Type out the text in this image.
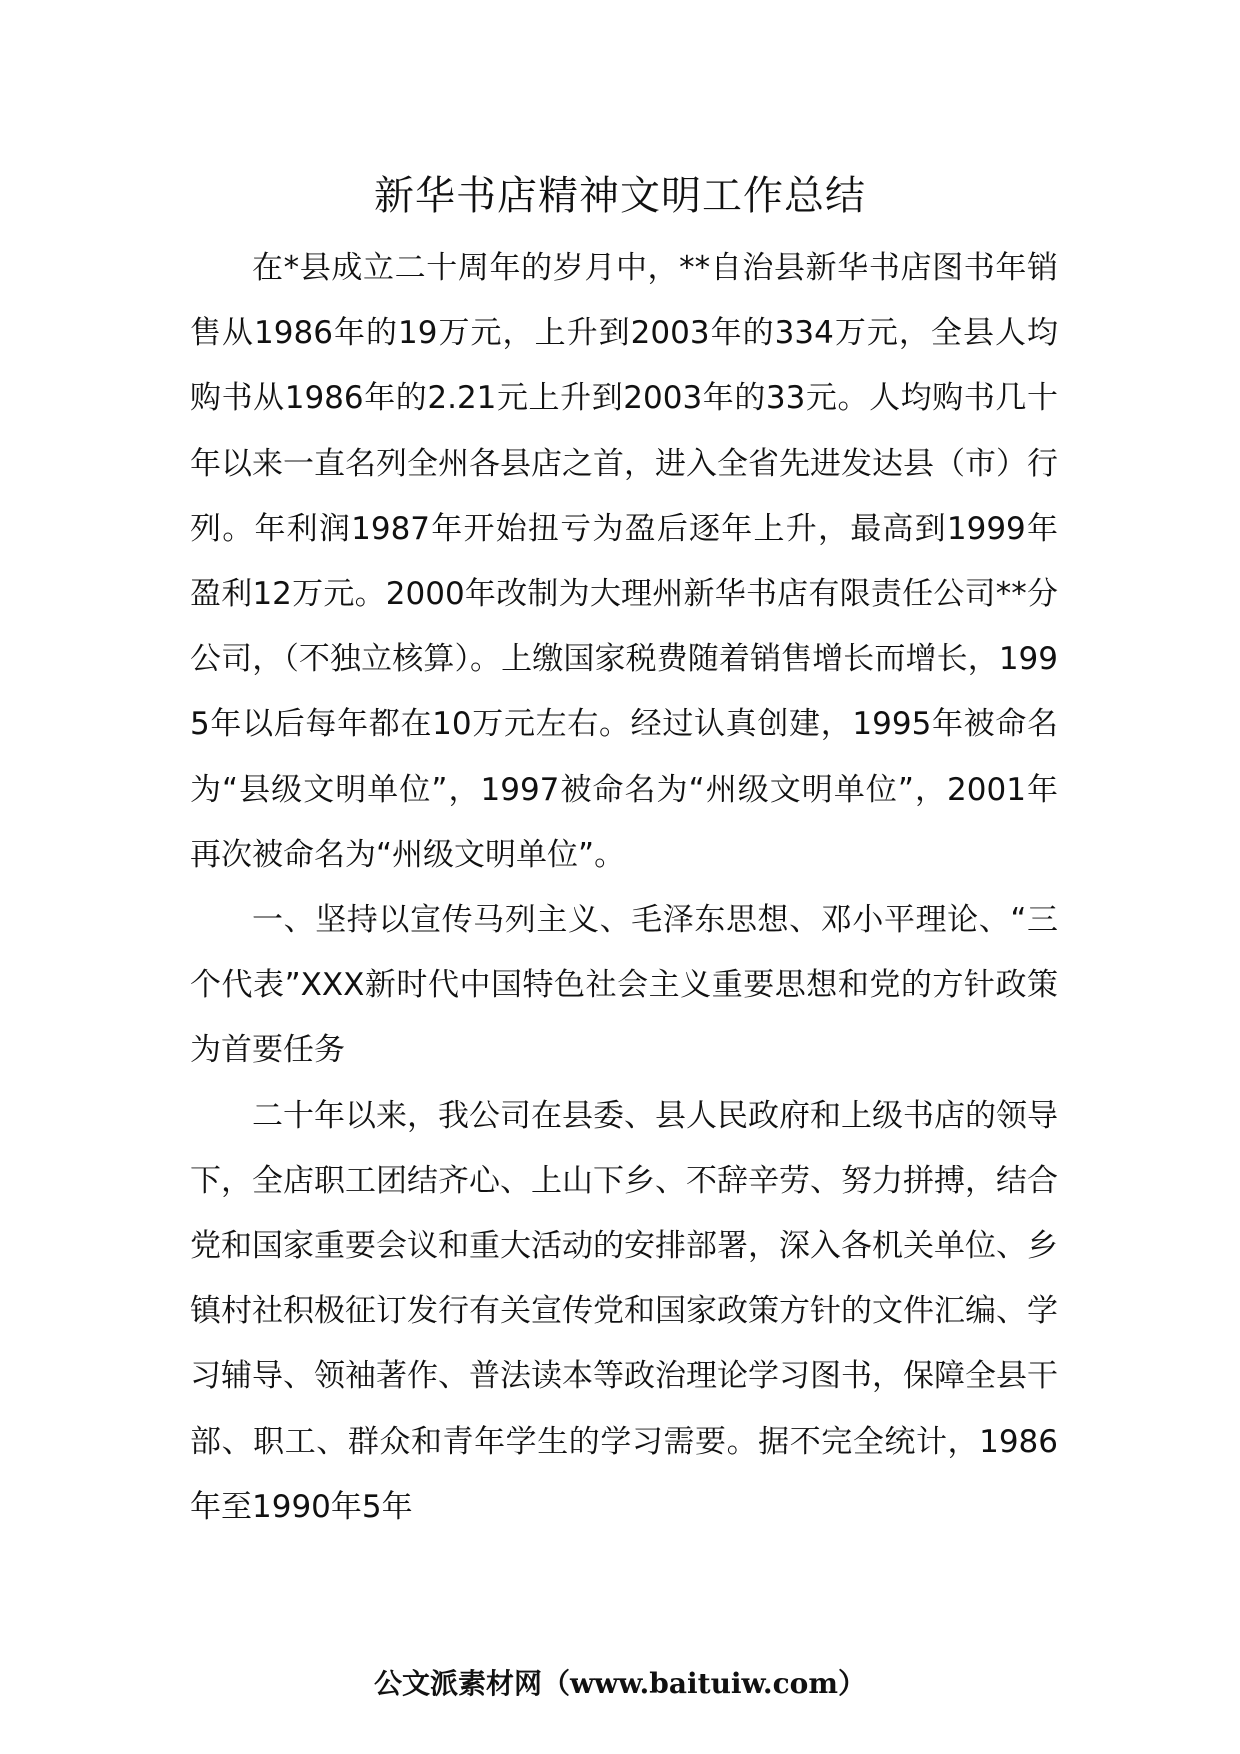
新华书店精神文明工作总结

在*县成立二十周年的岁月中，**自治县新华书店图书年销售从1986年的19万元，上升到2003年的334万元，全县人均购书从1986年的2.21元上升到2003年的33元。人均购书几十年以来一直名列全州各县店之首，进入全省先进发达县（市）行列。年利润1987年开始扭亏为盈后逐年上升，最高到1999年盈利12万元。2000年改制为大理州新华书店有限责任公司**分公司，（不独立核算）。上缴国家税费随着销售增长而增长，1995年以后每年都在10万元左右。经过认真创建，1995年被命名为“县级文明单位”，1997被命名为“州级文明单位”，2001年再次被命名为“州级文明单位”。

一、坚持以宣传马列主义、毛泽东思想、邓小平理论、“三个代表”XXX新时代中国特色社会主义重要思想和党的方针政策为首要任务

二十年以来，我公司在县委、县人民政府和上级书店的领导下，全店职工团结齐心、上山下乡、不辞辛劳、努力拼搏，结合党和国家重要会议和重大活动的安排部署，深入各机关单位、乡镇村社积极征订发行有关宣传党和国家政策方针的文件汇编、学习辅导、领袖著作、普法读本等政治理论学习图书，保障全县干部、职工、群众和青年学生的学习需要。据不完全统计，1986年至1990年5年

公文派素材网（www.baituiw.com）
